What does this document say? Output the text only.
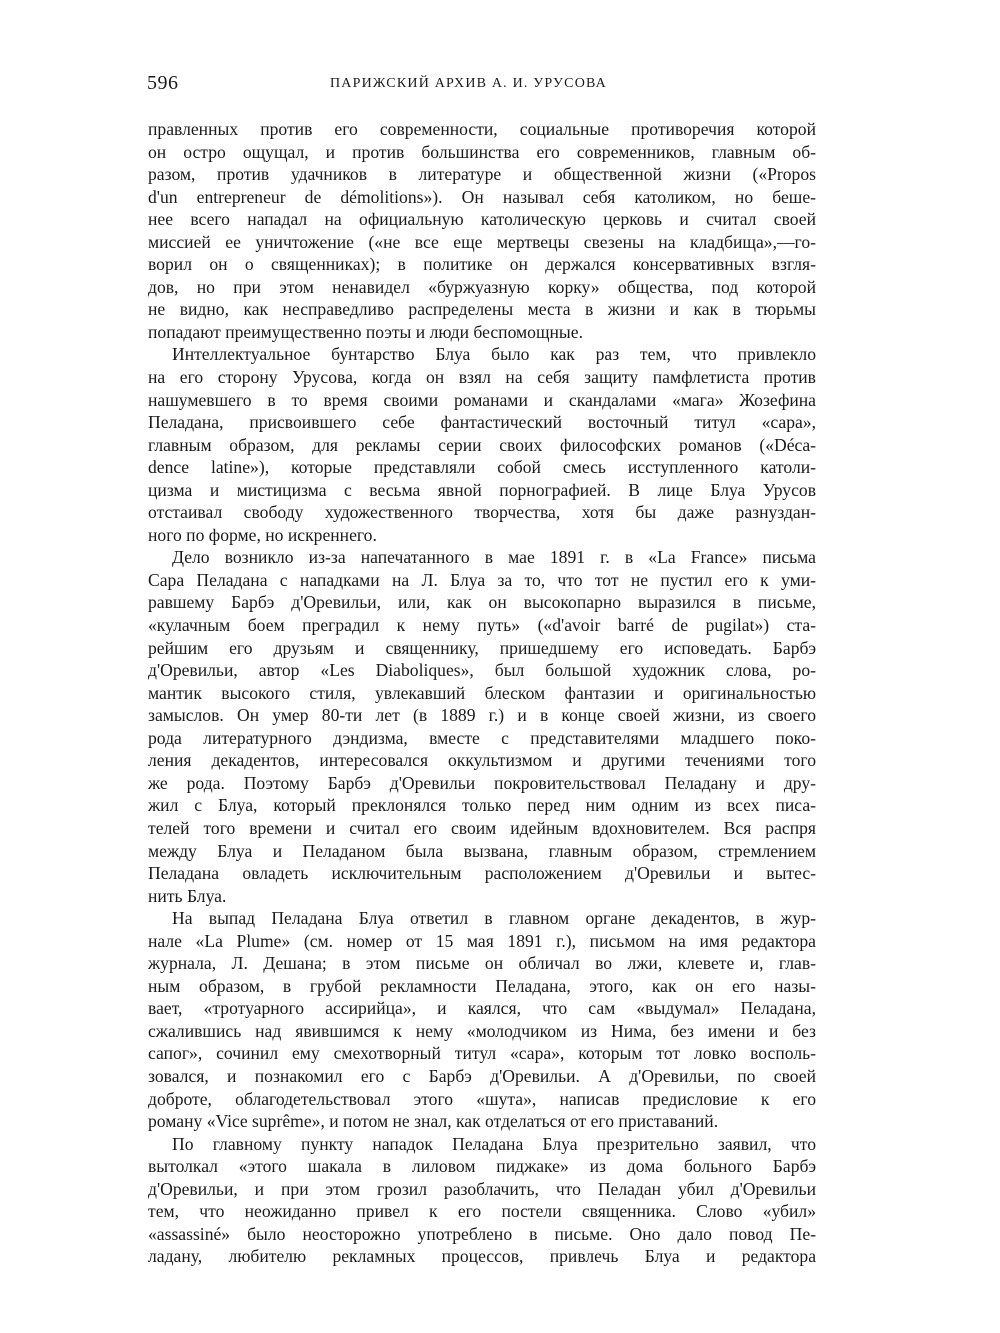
596	ПАРИЖСКИЙ АРХИВ А. И. УРУСОВА
правленных против его современности, социальные противоречия которой
он остро ощущал, и против большинства его современников, главным об-
разом, против удачников в литературе и общественной жизни («Propos
d'un entrepreneur de démolitions»). Он называл себя католиком, но беше-
нее всего нападал на официальную католическую церковь и считал своей
миссией ее уничтожение («не все еще мертвецы свезены на кладбища»,—го-
ворил он о священниках); в политике он держался консервативных взгля-
дов, но при этом ненавидел «буржуазную корку» общества, под которой
не видно, как несправедливо распределены места в жизни и как в тюрьмы
попадают преимущественно поэты и люди беспомощные.
Интеллектуальное бунтарство Блуа было как раз тем, что привлекло
на его сторону Урусова, когда он взял на себя защиту памфлетиста против
нашумевшего в то время своими романами и скандалами «мага» Жозефина
Пеладана, присвоившего себе фантастический восточный титул «сара»,
главным образом, для рекламы серии своих философских романов («Déca-
dence latine»), которые представляли собой смесь исступленного католи-
цизма и мистицизма с весьма явной порнографией. В лице Блуа Урусов
отстаивал свободу художественного творчества, хотя бы даже разнуздан-
ного по форме, но искреннего.
Дело возникло из-за напечатанного в мае 1891 г. в «La France» письма
Сара Пеладана с нападками на Л. Блуа за то, что тот не пустил его к уми-
равшему Барбэ д'Оревильи, или, как он высокопарно выразился в письме,
«кулачным боем преградил к нему путь» («d'avoir barré de pugilat») ста-
рейшим его друзьям и священнику, пришедшему его исповедать. Барбэ
д'Оревильи, автор «Les Diaboliques», был большой художник слова, ро-
мантик высокого стиля, увлекавший блеском фантазии и оригинальностью
замыслов. Он умер 80-ти лет (в 1889 г.) и в конце своей жизни, из своего
рода литературного дэндизма, вместе с представителями младшего поко-
ления декадентов, интересовался оккультизмом и другими течениями того
же рода. Поэтому Барбэ д'Оревильи покровительствовал Пеладану и дру-
жил с Блуа, который преклонялся только перед ним одним из всех писа-
телей того времени и считал его своим идейным вдохновителем. Вся распря
между Блуа и Пеладаном была вызвана, главным образом, стремлением
Пеладана овладеть исключительным расположением д'Оревильи и вытес-
нить Блуа.
На выпад Пеладана Блуа ответил в главном органе декадентов, в жур-
нале «La Plume» (см. номер от 15 мая 1891 г.), письмом на имя редактора
журнала, Л. Дешана; в этом письме он обличал во лжи, клевете и, глав-
ным образом, в грубой рекламности Пеладана, этого, как он его назы-
вает, «тротуарного ассирийца», и каялся, что сам «выдумал» Пеладана,
сжалившись над явившимся к нему «молодчиком из Нима, без имени и без
сапог», сочинил ему смехотворный титул «сара», которым тот ловко восполь-
зовался, и познакомил его с Барбэ д'Оревильи. А д'Оревильи, по своей
доброте, облагодетельствовал этого «шута», написав предисловие к его
роману «Vice suprême», и потом не знал, как отделаться от его приставаний.
По главному пункту нападок Пеладана Блуа презрительно заявил, что
вытолкал «этого шакала в лиловом пиджаке» из дома больного Барбэ
д'Оревильи, и при этом грозил разоблачить, что Пеладан убил д'Оревильи
тем, что неожиданно привел к его постели священника. Слово «убил»
«assassiné» было неосторожно употреблено в письме. Оно дало повод Пе-
ладану, любителю рекламных процессов, привлечь Блуа и редактора
